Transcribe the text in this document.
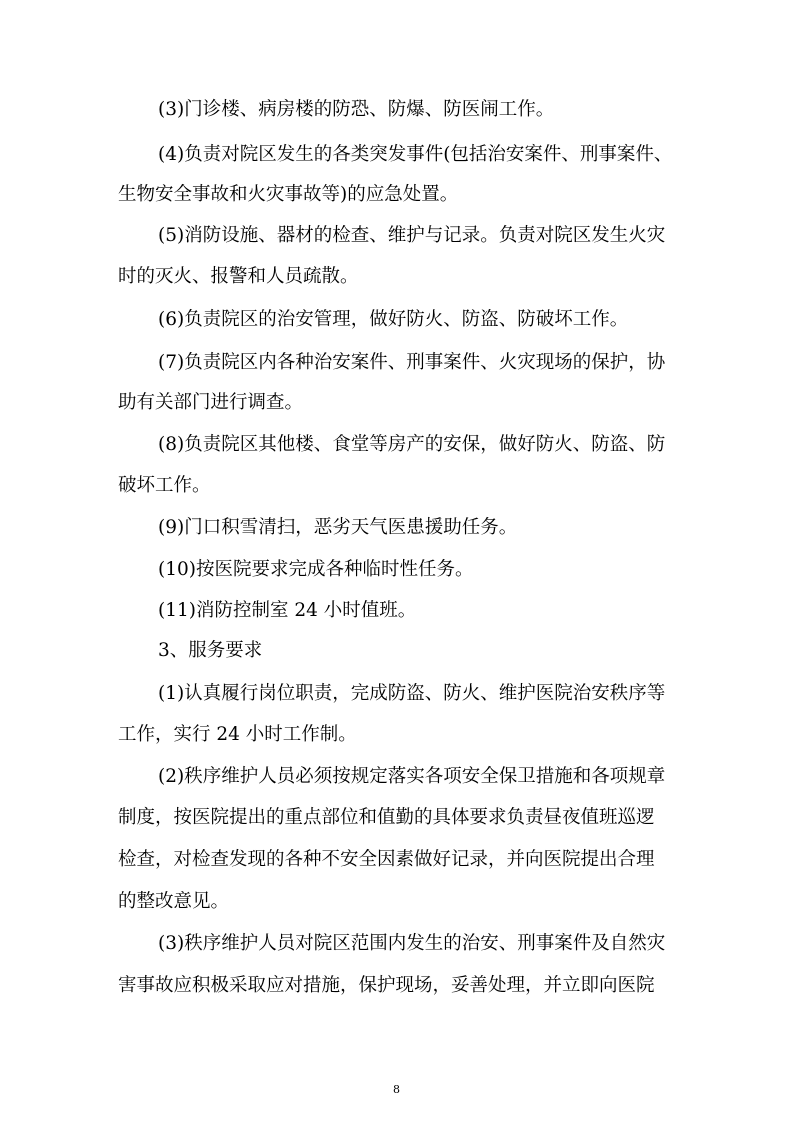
(3)门诊楼、病房楼的防恐、防爆、防医闹工作。
(4)负责对院区发生的各类突发事件(包括治安案件、刑事案件、
生物安全事故和火灾事故等)的应急处置。
(5)消防设施、器材的检查、维护与记录。负责对院区发生火灾
时的灭火、报警和人员疏散。
(6)负责院区的治安管理，做好防火、防盗、防破坏工作。
(7)负责院区内各种治安案件、刑事案件、火灾现场的保护，协
助有关部门进行调查。
(8)负责院区其他楼、食堂等房产的安保，做好防火、防盗、防
破坏工作。
(9)门口积雪清扫，恶劣天气医患援助任务。
(10)按医院要求完成各种临时性任务。
(11)消防控制室 24 小时值班。
3、服务要求
(1)认真履行岗位职责，完成防盗、防火、维护医院治安秩序等
工作，实行 24 小时工作制。
(2)秩序维护人员必须按规定落实各项安全保卫措施和各项规章
制度，按医院提出的重点部位和值勤的具体要求负责昼夜值班巡逻
检查，对检查发现的各种不安全因素做好记录，并向医院提出合理
的整改意见。
(3)秩序维护人员对院区范围内发生的治安、刑事案件及自然灾
害事故应积极采取应对措施，保护现场，妥善处理，并立即向医院
8
